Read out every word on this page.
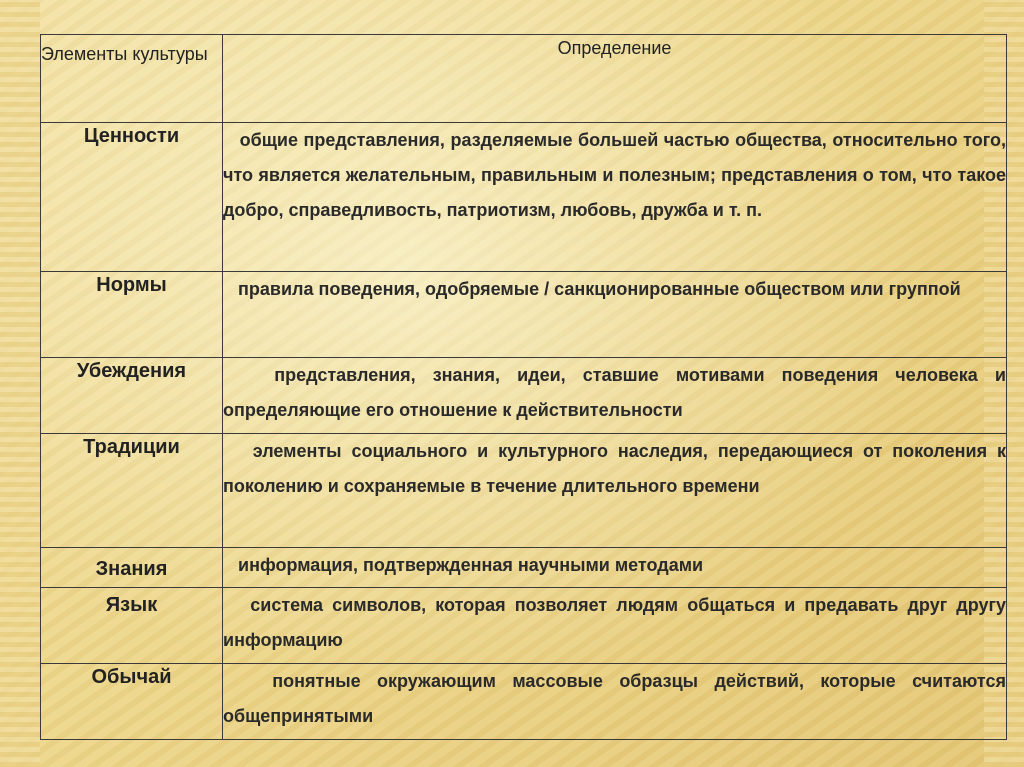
Элементы культуры	Определение
Ценности	общие представления, разделяемые большей частью общества, относительно того, что является желательным, правильным и полезным; представления о том, что такое добро, справедливость, патриотизм, любовь, дружба и т. п.
Нормы	правила поведения, одобряемые / санкционированные обществом или группой
Убеждения	представления, знания, идеи, ставшие мотивами поведения человека и определяющие его отношение к действительности
Традиции	элементы социального и культурного наследия, передающиеся от поколения к поколению и сохраняемые в течение длительного времени
Знания	информация, подтвержденная научными методами
Язык	система символов, которая позволяет людям общаться и предавать друг другу информацию
Обычай	понятные окружающим массовые образцы действий, которые считаются общепринятыми
